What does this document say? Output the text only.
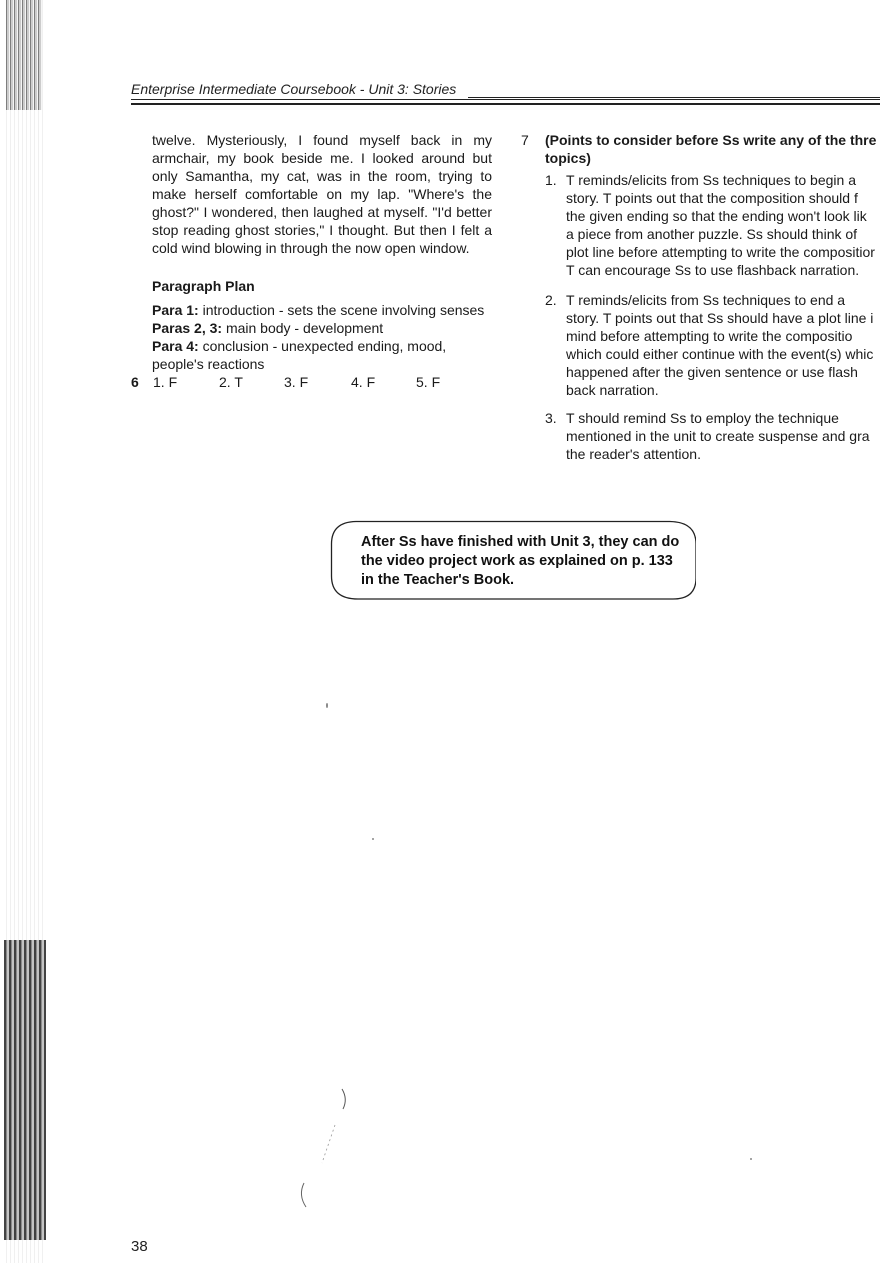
Enterprise Intermediate Coursebook - Unit 3: Stories

twelve. Mysteriously, I found myself back in my armchair, my book beside me. I looked around but only Samantha, my cat, was in the room, trying to make herself comfortable on my lap. "Where's the ghost?" I wondered, then laughed at myself. "I'd better stop reading ghost stories," I thought. But then I felt a cold wind blowing in through the now open window.

Paragraph Plan

Para 1: introduction - sets the scene involving senses

Paras 2, 3: main body - development

Para 4: conclusion - unexpected ending, mood, people's reactions

6 1. F	2. T	3. F	4. F	5. F
7 (Points to consider before Ss write any of the thre
topics)
1. T reminds/elicits from Ss techniques to begin a
story. T points out that the composition should f
the given ending so that the ending won't look lik
a piece from another puzzle. Ss should think of
plot line before attempting to write the compositior
T can encourage Ss to use flashback narration.
2. T reminds/elicits from Ss techniques to end a
story. T points out that Ss should have a plot line i
mind before attempting to write the compositio
which could either continue with the event(s) whic
happened after the given sentence or use flash
back narration.
3. T should remind Ss to employ the technique
mentioned in the unit to create suspense and gra
the reader's attention.
After Ss have finished with Unit 3, they can do
the video project work as explained on p. 133
in the Teacher's Book.
38
